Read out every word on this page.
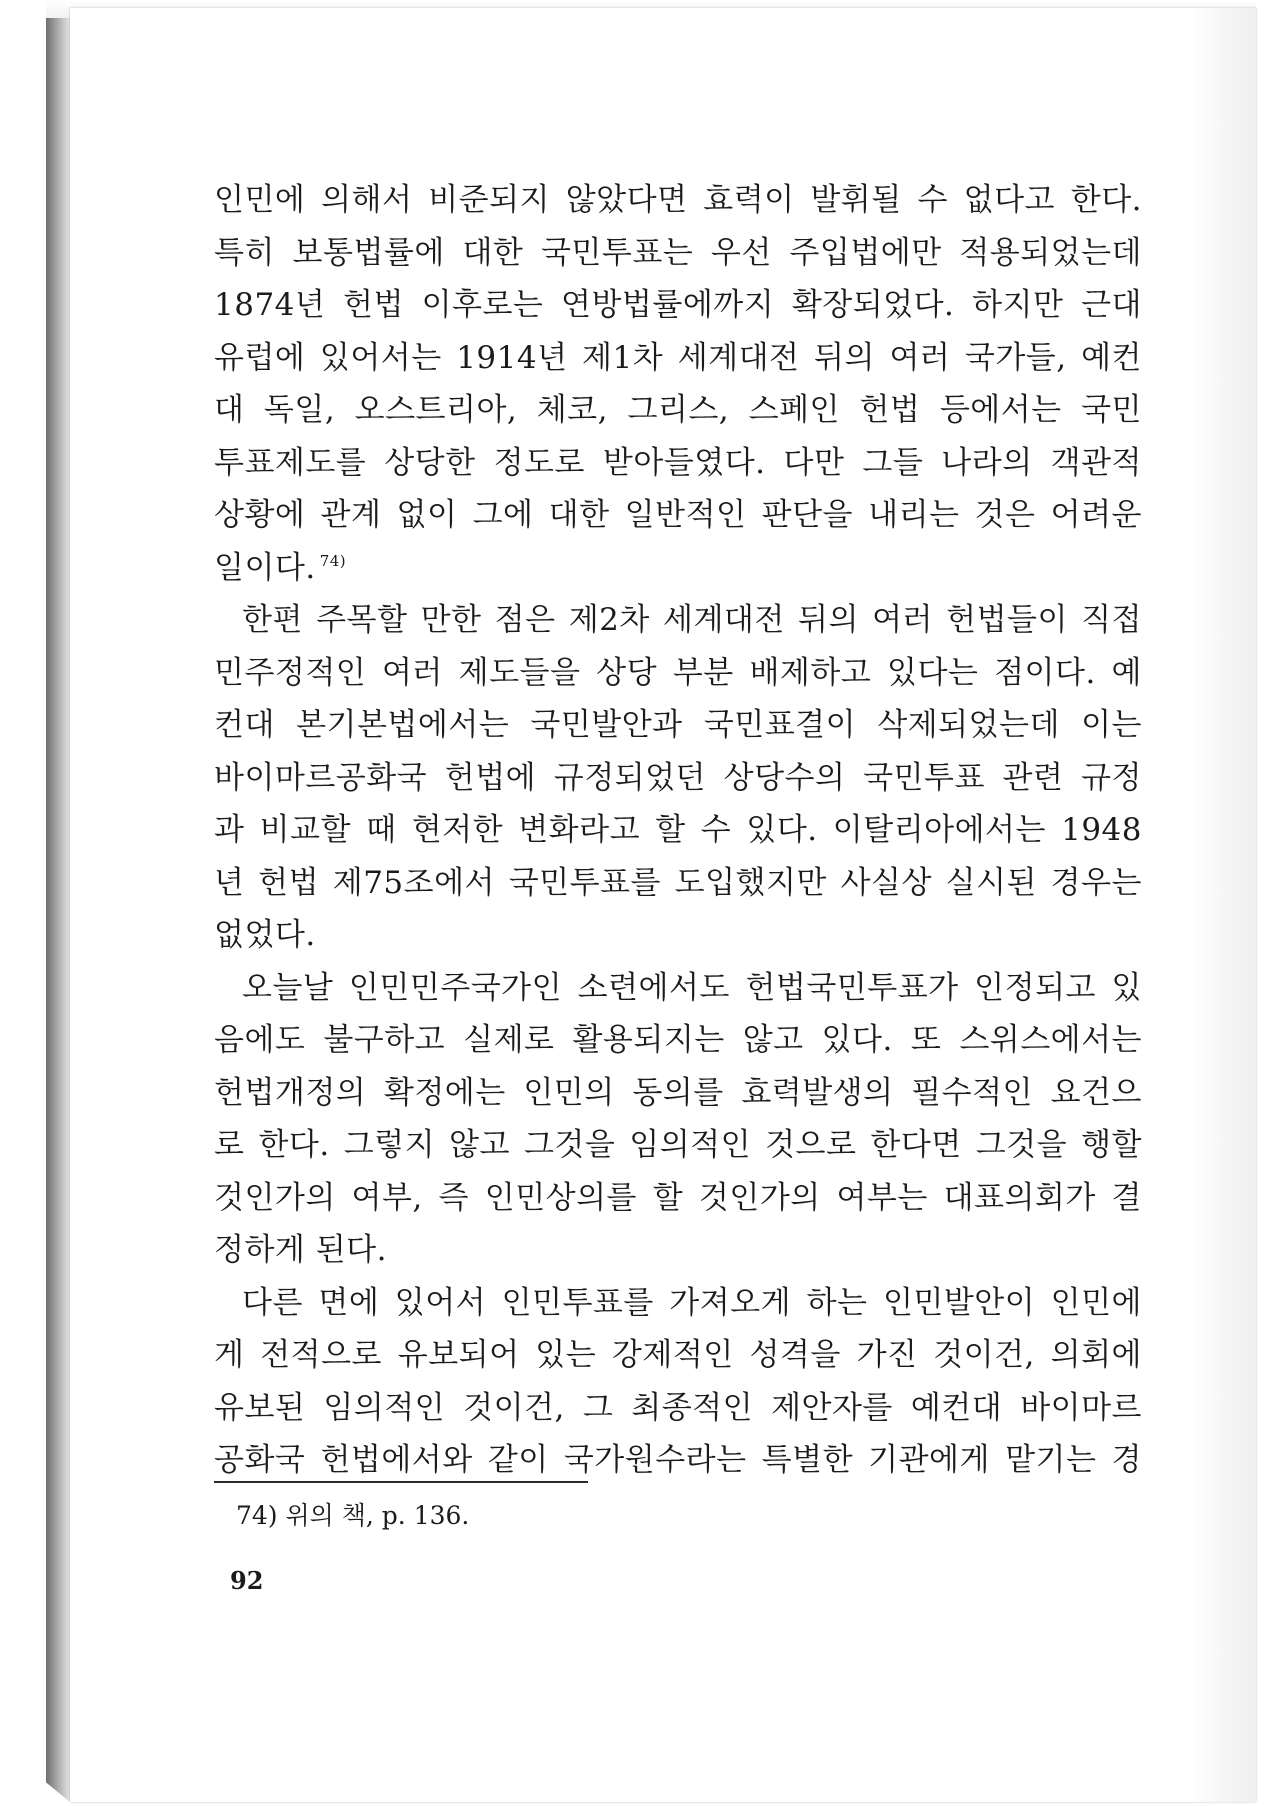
인민에 의해서 비준되지 않았다면 효력이 발휘될 수 없다고 한다.
특히 보통법률에 대한 국민투표는 우선 주입법에만 적용되었는데
1874년 헌법 이후로는 연방법률에까지 확장되었다. 하지만 근대
유럽에 있어서는 1914년 제1차 세계대전 뒤의 여러 국가들, 예컨
대 독일, 오스트리아, 체코, 그리스, 스페인 헌법 등에서는 국민
투표제도를 상당한 정도로 받아들였다. 다만 그들 나라의 객관적
상황에 관계 없이 그에 대한 일반적인 판단을 내리는 것은 어려운
일이다. $^{74)}$
한편 주목할 만한 점은 제2차 세계대전 뒤의 여러 헌법들이 직접
민주정적인 여러 제도들을 상당 부분 배제하고 있다는 점이다. 예
컨대 본기본법에서는 국민발안과 국민표결이 삭제되었는데 이는
바이마르공화국 헌법에 규정되었던 상당수의 국민투표 관련 규정
과 비교할 때 현저한 변화라고 할 수 있다. 이탈리아에서는 1948
년 헌법 제75조에서 국민투표를 도입했지만 사실상 실시된 경우는
없었다.
오늘날 인민민주국가인 소련에서도 헌법국민투표가 인정되고 있
음에도 불구하고 실제로 활용되지는 않고 있다. 또 스위스에서는
헌법개정의 확정에는 인민의 동의를 효력발생의 필수적인 요건으
로 한다. 그렇지 않고 그것을 임의적인 것으로 한다면 그것을 행할
것인가의 여부, 즉 인민상의를 할 것인가의 여부는 대표의회가 결
정하게 된다.
다른 면에 있어서 인민투표를 가져오게 하는 인민발안이 인민에
게 전적으로 유보되어 있는 강제적인 성격을 가진 것이건, 의회에
유보된 임의적인 것이건, 그 최종적인 제안자를 예컨대 바이마르
공화국 헌법에서와 같이 국가원수라는 특별한 기관에게 맡기는 경
74) 위의 책, p. 136.
92
